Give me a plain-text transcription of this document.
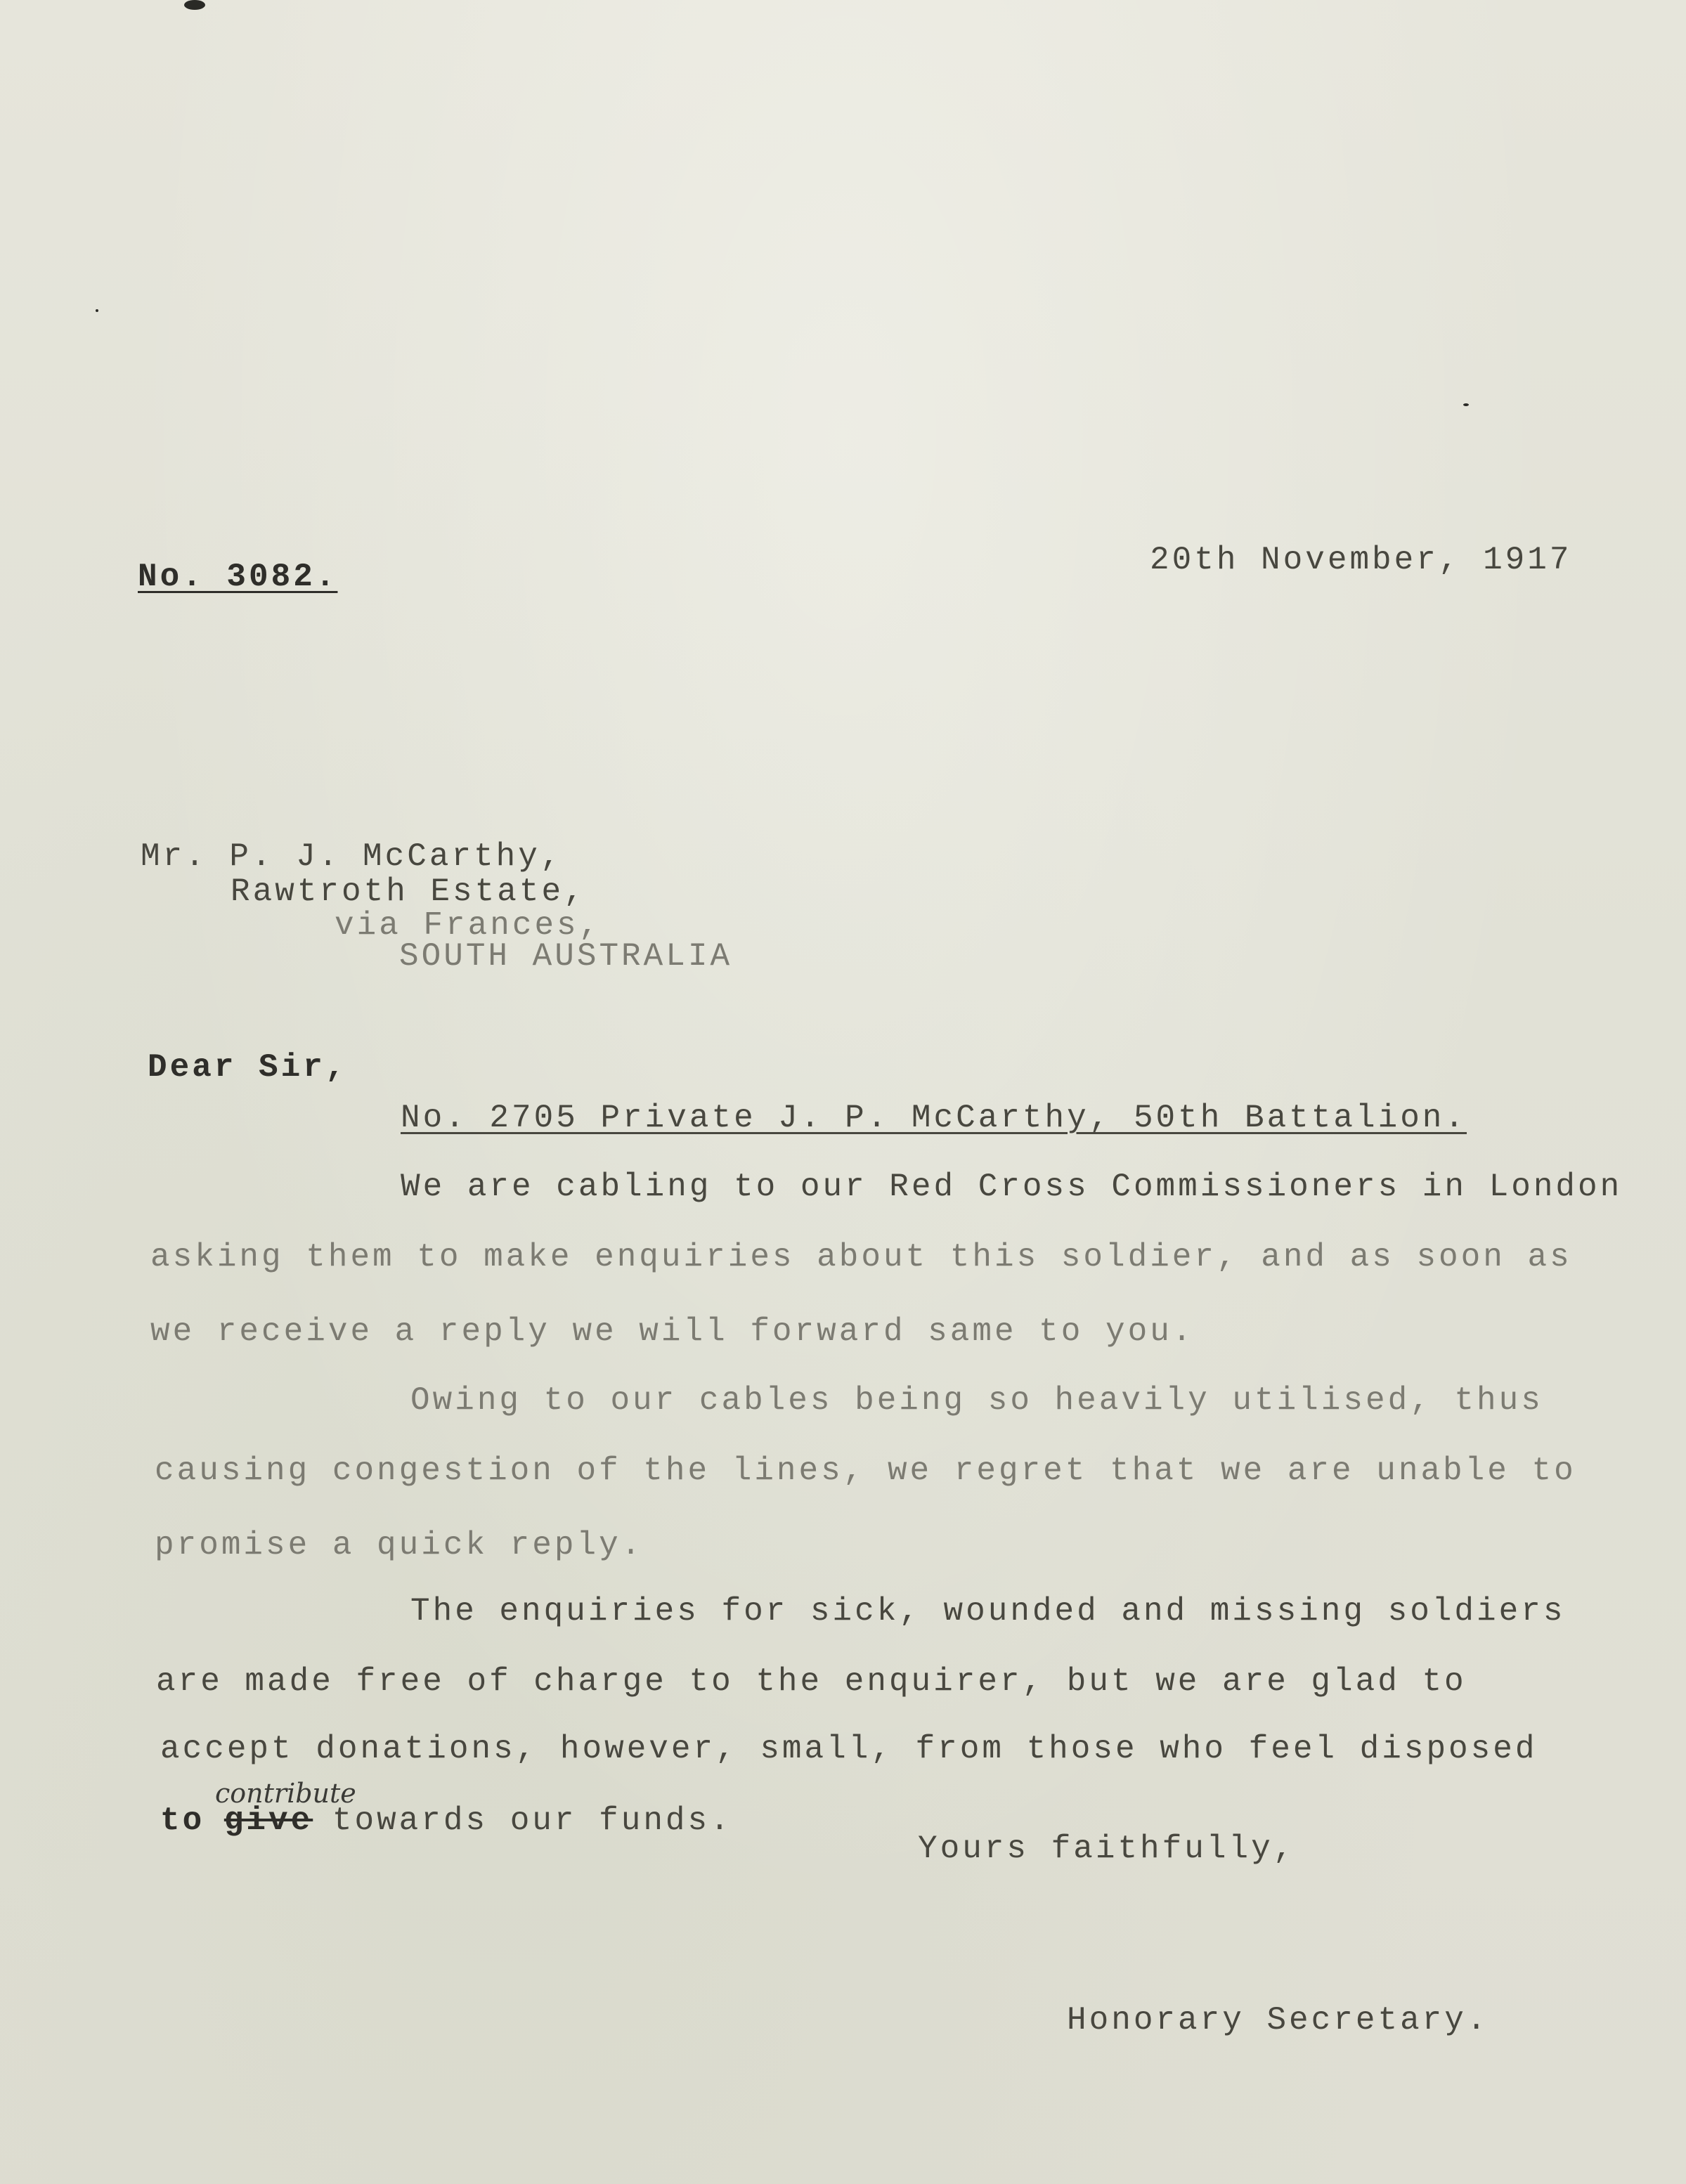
No. 3082.	20th November, 1917
Mr. P. J. McCarthy,
Rawtroth Estate,
via Frances,
SOUTH AUSTRALIA
Dear Sir,
No. 2705 Private J. P. McCarthy, 50th Battalion.
We are cabling to our Red Cross Commissioners in London
asking them to make enquiries about this soldier, and as soon as
we receive a reply we will forward same to you.
Owing to our cables being so heavily utilised, thus
causing congestion of the lines, we regret that we are unable to
promise a quick reply.
The enquiries for sick, wounded and missing soldiers
are made free of charge to the enquirer, but we are glad to
accept donations, however, small, from those who feel disposed
to give towards our funds.
contribute
Yours faithfully,
Honorary Secretary.
